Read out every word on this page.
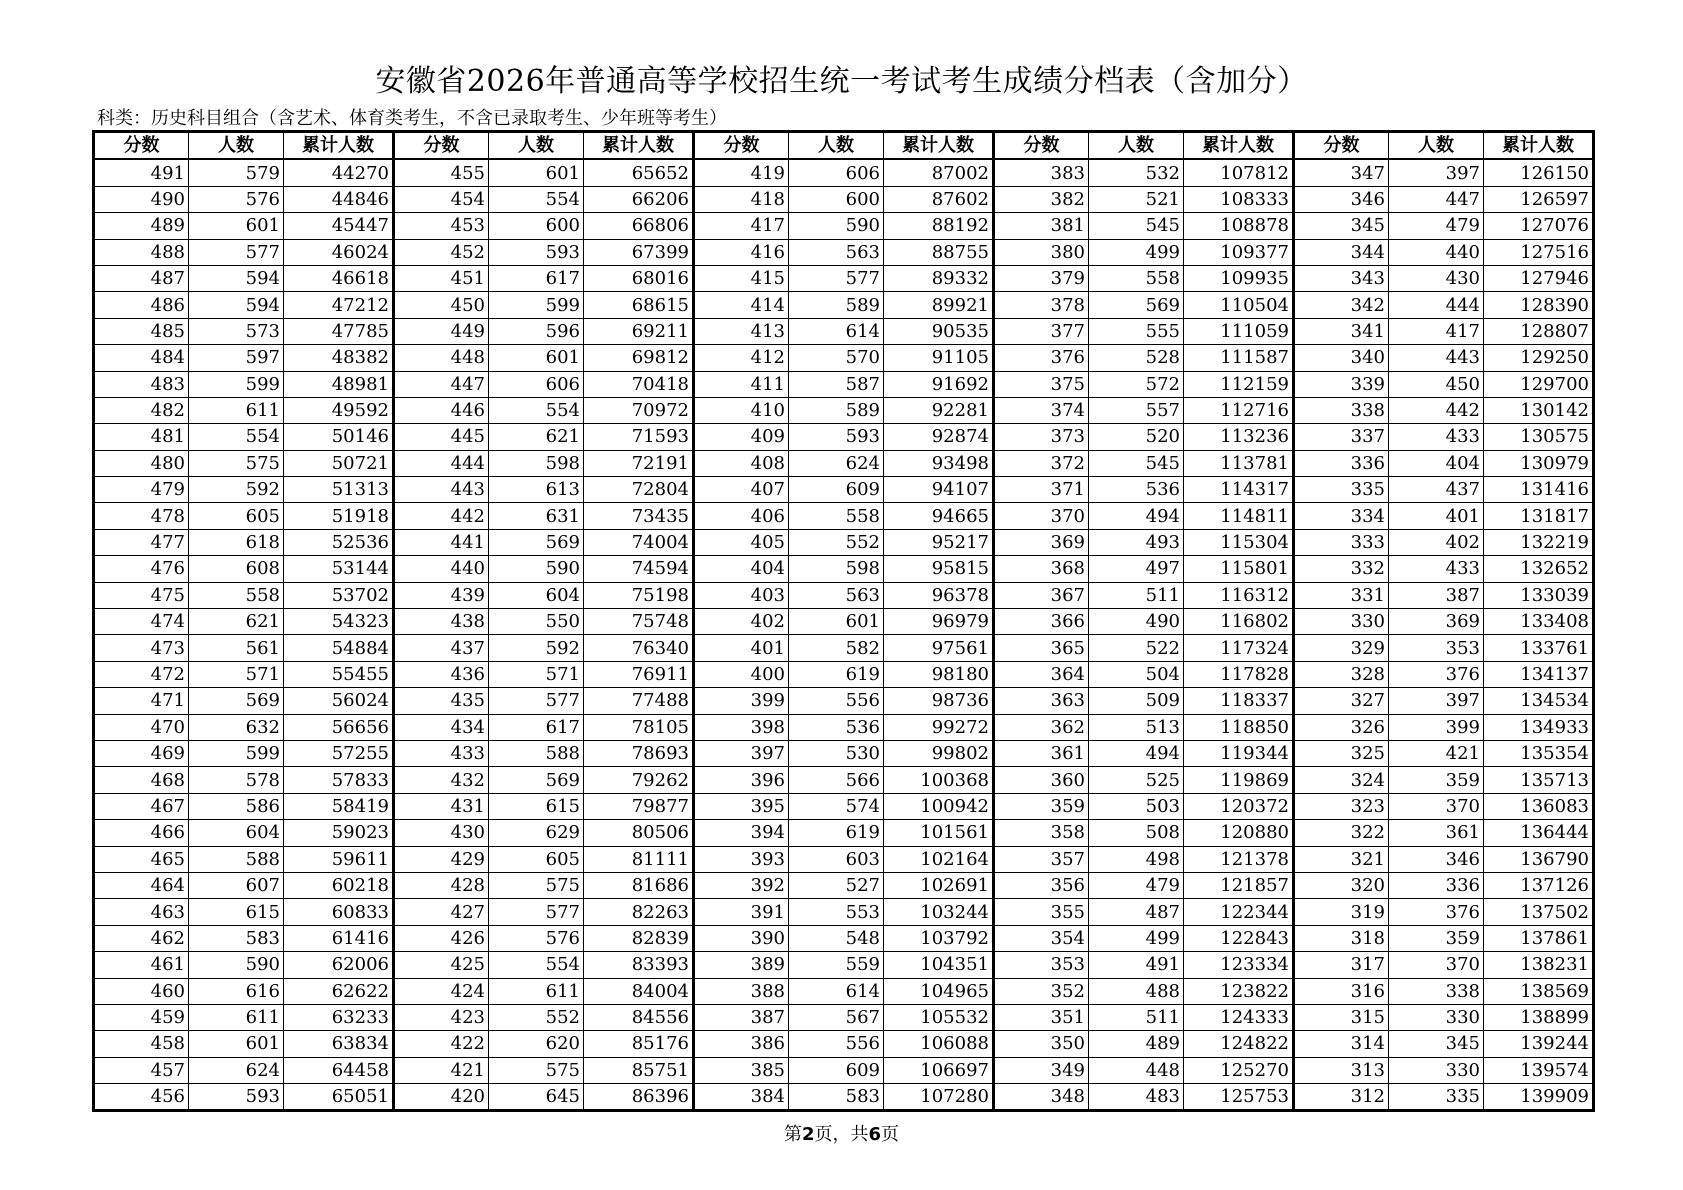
安徽省2026年普通高等学校招生统一考试考生成绩分档表（含加分）
科类：历史科目组合（含艺术、体育类考生，不含已录取考生、少年班等考生）
分数	人数	累计人数	分数	人数	累计人数	分数	人数	累计人数	分数	人数	累计人数	分数	人数	累计人数
491	579	44270	455	601	65652	419	606	87002	383	532	107812	347	397	126150
490	576	44846	454	554	66206	418	600	87602	382	521	108333	346	447	126597
489	601	45447	453	600	66806	417	590	88192	381	545	108878	345	479	127076
488	577	46024	452	593	67399	416	563	88755	380	499	109377	344	440	127516
487	594	46618	451	617	68016	415	577	89332	379	558	109935	343	430	127946
486	594	47212	450	599	68615	414	589	89921	378	569	110504	342	444	128390
485	573	47785	449	596	69211	413	614	90535	377	555	111059	341	417	128807
484	597	48382	448	601	69812	412	570	91105	376	528	111587	340	443	129250
483	599	48981	447	606	70418	411	587	91692	375	572	112159	339	450	129700
482	611	49592	446	554	70972	410	589	92281	374	557	112716	338	442	130142
481	554	50146	445	621	71593	409	593	92874	373	520	113236	337	433	130575
480	575	50721	444	598	72191	408	624	93498	372	545	113781	336	404	130979
479	592	51313	443	613	72804	407	609	94107	371	536	114317	335	437	131416
478	605	51918	442	631	73435	406	558	94665	370	494	114811	334	401	131817
477	618	52536	441	569	74004	405	552	95217	369	493	115304	333	402	132219
476	608	53144	440	590	74594	404	598	95815	368	497	115801	332	433	132652
475	558	53702	439	604	75198	403	563	96378	367	511	116312	331	387	133039
474	621	54323	438	550	75748	402	601	96979	366	490	116802	330	369	133408
473	561	54884	437	592	76340	401	582	97561	365	522	117324	329	353	133761
472	571	55455	436	571	76911	400	619	98180	364	504	117828	328	376	134137
471	569	56024	435	577	77488	399	556	98736	363	509	118337	327	397	134534
470	632	56656	434	617	78105	398	536	99272	362	513	118850	326	399	134933
469	599	57255	433	588	78693	397	530	99802	361	494	119344	325	421	135354
468	578	57833	432	569	79262	396	566	100368	360	525	119869	324	359	135713
467	586	58419	431	615	79877	395	574	100942	359	503	120372	323	370	136083
466	604	59023	430	629	80506	394	619	101561	358	508	120880	322	361	136444
465	588	59611	429	605	81111	393	603	102164	357	498	121378	321	346	136790
464	607	60218	428	575	81686	392	527	102691	356	479	121857	320	336	137126
463	615	60833	427	577	82263	391	553	103244	355	487	122344	319	376	137502
462	583	61416	426	576	82839	390	548	103792	354	499	122843	318	359	137861
461	590	62006	425	554	83393	389	559	104351	353	491	123334	317	370	138231
460	616	62622	424	611	84004	388	614	104965	352	488	123822	316	338	138569
459	611	63233	423	552	84556	387	567	105532	351	511	124333	315	330	138899
458	601	63834	422	620	85176	386	556	106088	350	489	124822	314	345	139244
457	624	64458	421	575	85751	385	609	106697	349	448	125270	313	330	139574
456	593	65051	420	645	86396	384	583	107280	348	483	125753	312	335	139909
第2页，共6页
